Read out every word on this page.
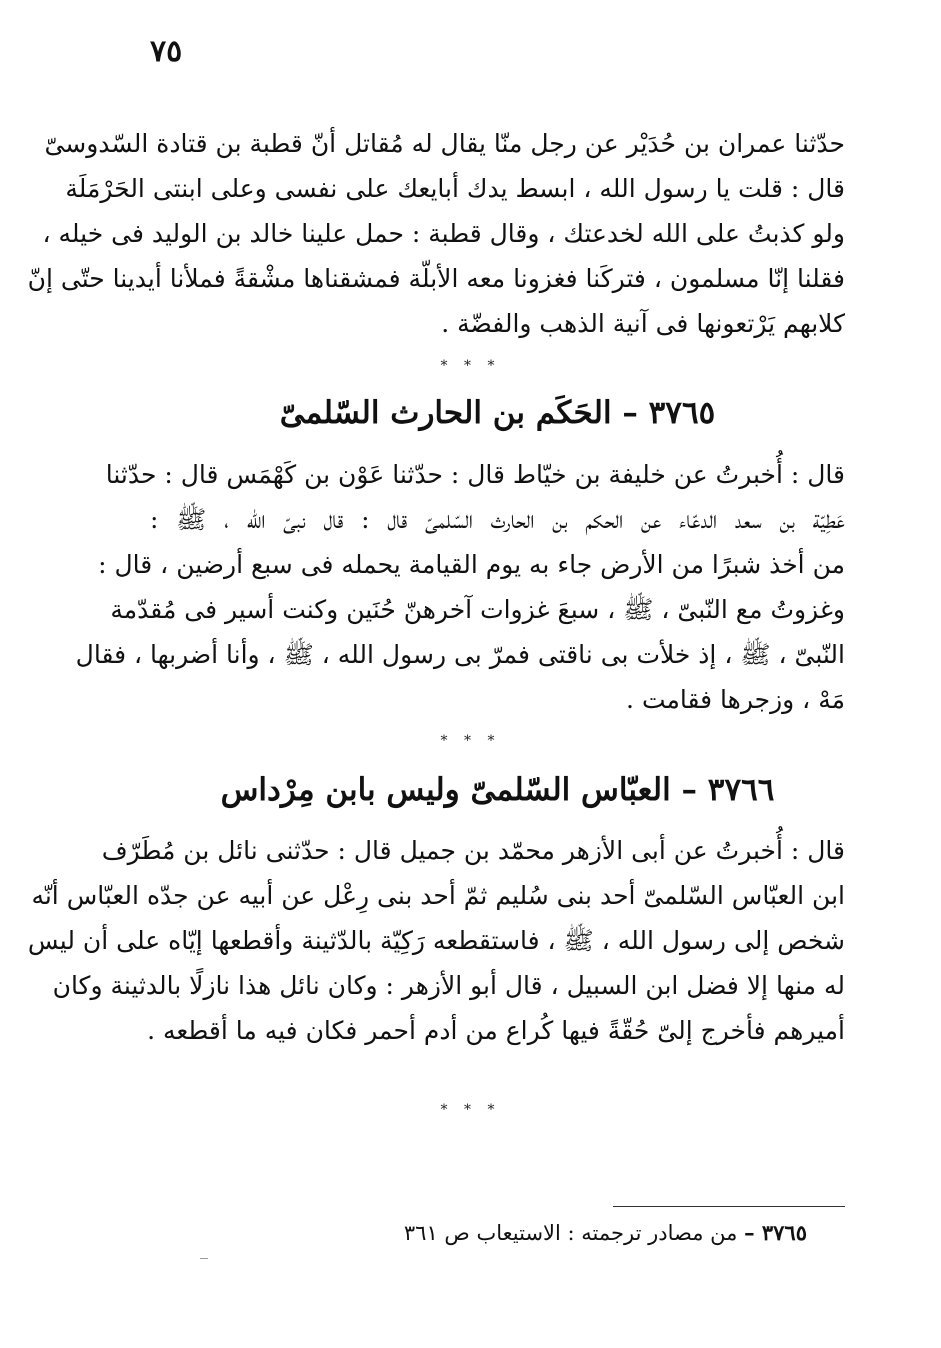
٧٥
حدّثنا عمران بن حُدَيْر عن رجل منّا يقال له مُقاتل أنّ قطبة بن قتادة السّدوسىّ
قال : قلت يا رسول الله ، ابسط يدك أبايعك على نفسى وعلى ابنتى الحَرْمَلَة
ولو كذبتُ على الله لخدعتك ، وقال قطبة : حمل علينا خالد بن الوليد فى خيله ،
فقلنا إنّا مسلمون ، فتركَنا فغزونا معه الأبلّة فمشقناها مشْقةً فملأنا أيدينا حتّى إنّ
كلابهم يَرْتعونها فى آنية الذهب والفضّة .
* * *
٣٧٦٥ – الحَكَم بن الحارث السّلمىّ
قال : أُخبرتُ عن خليفة بن خيّاط قال : حدّثنا عَوْن بن كَهْمَس قال : حدّثنا
عَطِيّة بن سعد الدعّاء عن الحكم بن الحارث السّلمىّ قال : قال نبىّ الله ، ﷺ :
من أخذ شبرًا من الأرض جاء به يوم القيامة يحمله فى سبع أرضين ، قال :
وغزوتُ مع النّبىّ ، ﷺ ، سبعَ غزوات آخرهنّ حُنَين وكنت أسير فى مُقدّمة
النّبىّ ، ﷺ ، إذ خلأت بى ناقتى فمرّ بى رسول الله ، ﷺ ، وأنا أضربها ، فقال
مَهْ ، وزجرها فقامت .
* * *
٣٧٦٦ – العبّاس السّلمىّ وليس بابن مِرْداس
قال : أُخبرتُ عن أبى الأزهر محمّد بن جميل قال : حدّثنى نائل بن مُطَرّف
ابن العبّاس السّلمىّ أحد بنى سُليم ثمّ أحد بنى رِعْل عن أبيه عن جدّه العبّاس أنّه
شخص إلى رسول الله ، ﷺ ، فاستقطعه رَكِيّة بالدّثينة وأقطعها إيّاه على أن ليس
له منها إلا فضل ابن السبيل ، قال أبو الأزهر : وكان نائل هذا نازلًا بالدثينة وكان
أميرهم فأخرج إلىّ حُقّةً فيها كُراع من أدم أحمر فكان فيه ما أقطعه .
* * *
٣٧٦٥ – من مصادر ترجمته : الاستيعاب ص ٣٦١
